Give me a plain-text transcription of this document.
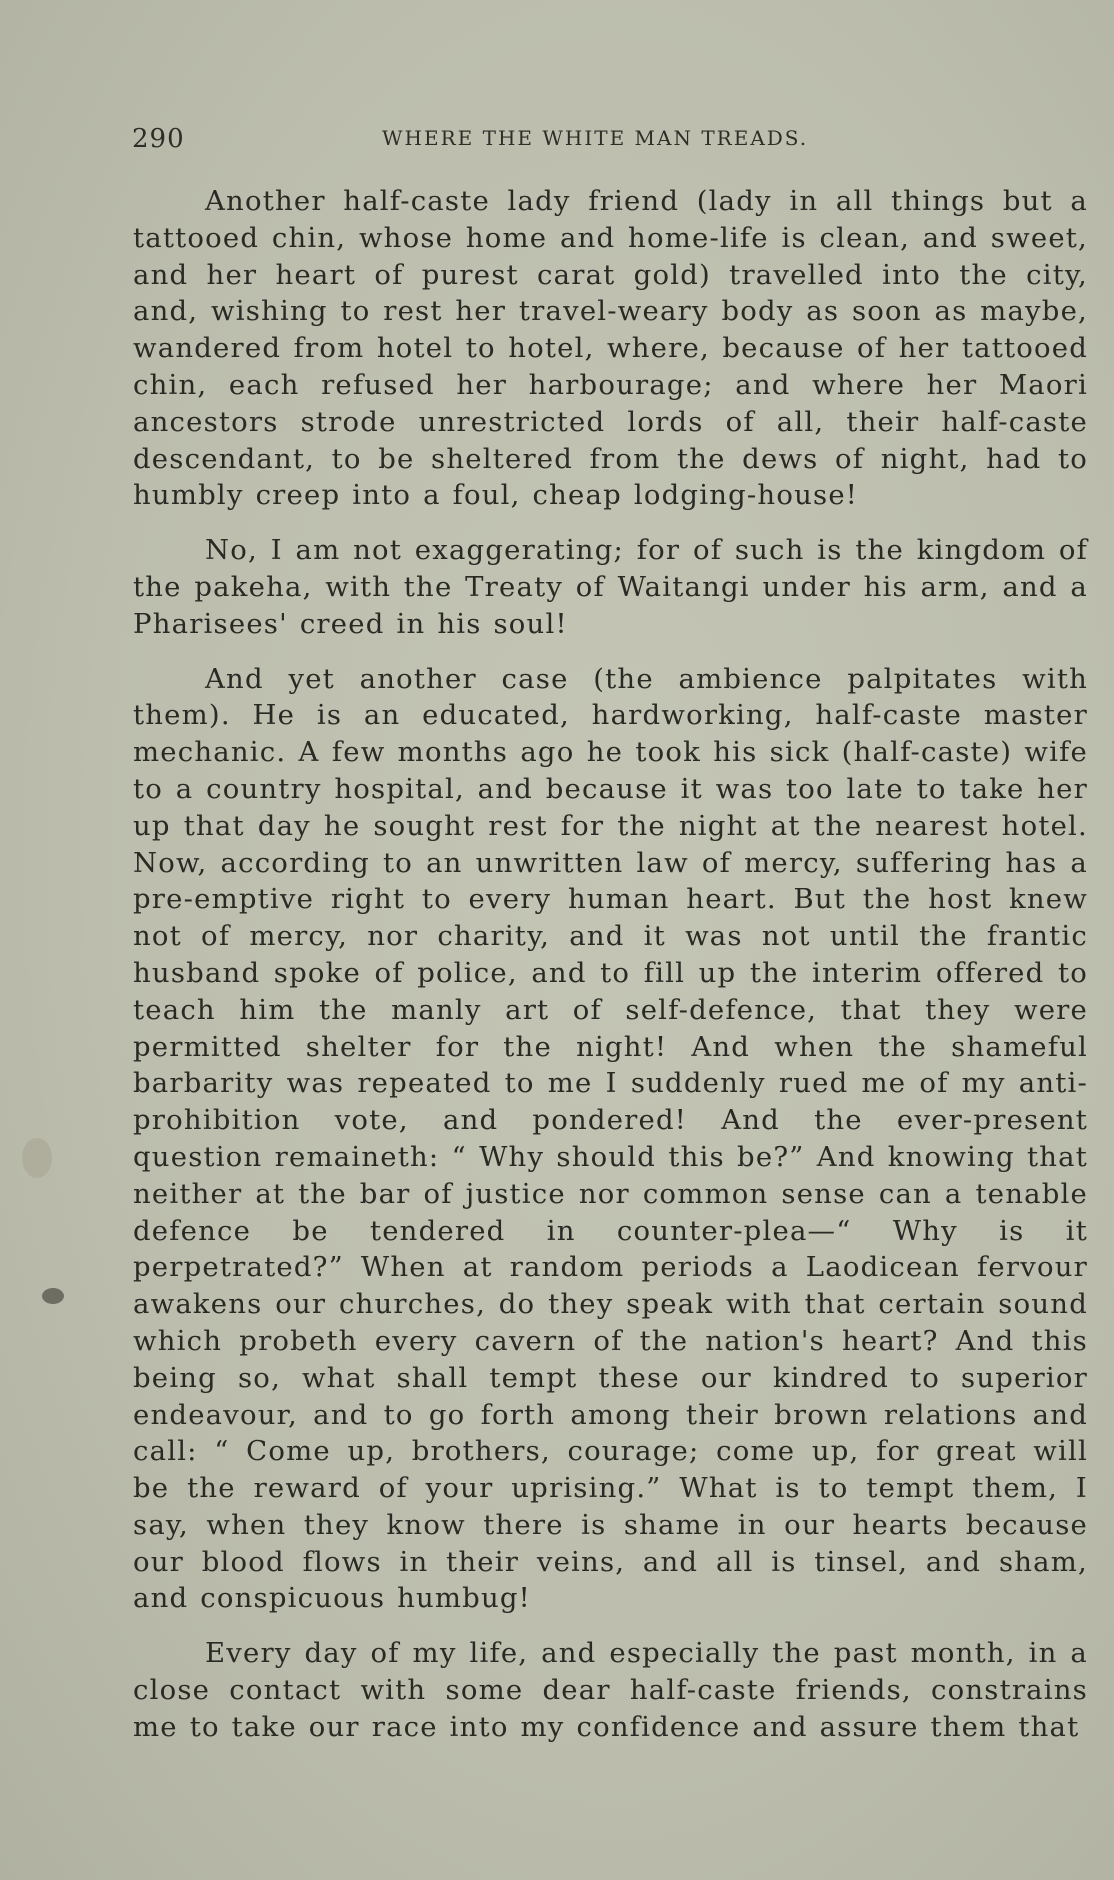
290	WHERE THE WHITE MAN TREADS.

Another half-caste lady friend (lady in all things but a tattooed chin, whose home and home-life is clean, and sweet, and her heart of purest carat gold) travelled into the city, and, wishing to rest her travel-weary body as soon as maybe, wandered from hotel to hotel, where, because of her tattooed chin, each refused her harbourage; and where her Maori ancestors strode unrestricted lords of all, their half-caste descendant, to be sheltered from the dews of night, had to humbly creep into a foul, cheap lodging-house!

No, I am not exaggerating; for of such is the kingdom of the pakeha, with the Treaty of Waitangi under his arm, and a Pharisees' creed in his soul!

And yet another case (the ambience palpitates with them). He is an educated, hardworking, half-caste master mechanic. A few months ago he took his sick (half-caste) wife to a country hospital, and because it was too late to take her up that day he sought rest for the night at the nearest hotel. Now, according to an unwritten law of mercy, suffering has a pre-emptive right to every human heart. But the host knew not of mercy, nor charity, and it was not until the frantic husband spoke of police, and to fill up the interim offered to teach him the manly art of self-defence, that they were permitted shelter for the night! And when the shameful barbarity was repeated to me I suddenly rued me of my anti-prohibition vote, and pondered! And the ever-present question remaineth: “ Why should this be?” And knowing that neither at the bar of justice nor common sense can a tenable defence be tendered in counter-plea—“ Why is it perpetrated?” When at random periods a Laodicean fervour awakens our churches, do they speak with that certain sound which probeth every cavern of the nation's heart? And this being so, what shall tempt these our kindred to superior endeavour, and to go forth among their brown relations and call: “ Come up, brothers, courage; come up, for great will be the reward of your uprising.” What is to tempt them, I say, when they know there is shame in our hearts because our blood flows in their veins, and all is tinsel, and sham, and conspicuous humbug!

Every day of my life, and especially the past month, in a close contact with some dear half-caste friends, constrains me to take our race into my confidence and assure them that
